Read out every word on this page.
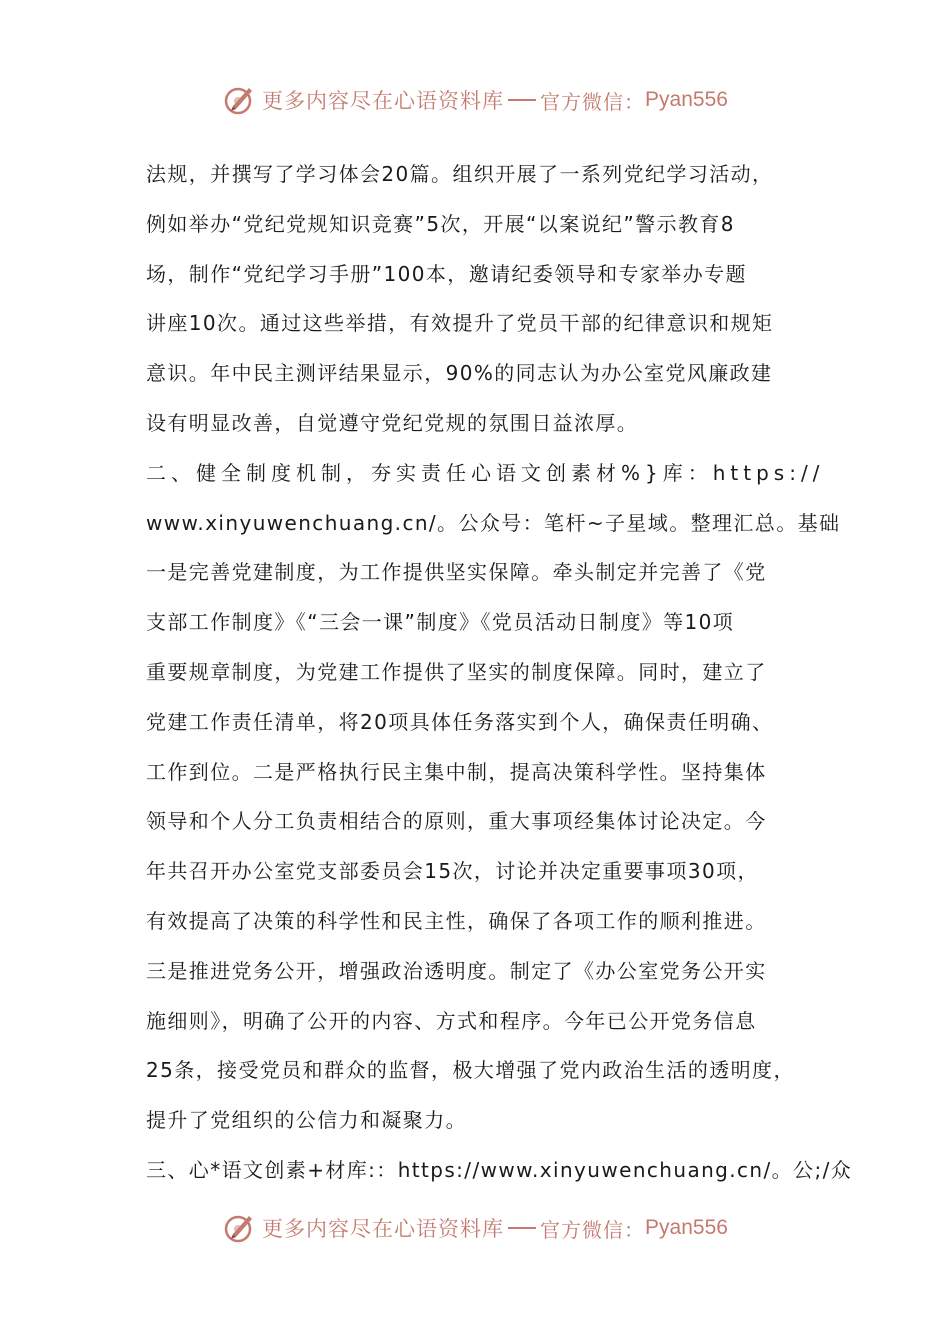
更多内容尽在心语资料库 官方微信： Pyan556
法规，并撰写了学习体会20篇。组织开展了一系列党纪学习活动，
例如举办“党纪党规知识竞赛”5次，开展“以案说纪”警示教育8
场，制作“党纪学习手册”100本，邀请纪委领导和专家举办专题
讲座10次。通过这些举措，有效提升了党员干部的纪律意识和规矩
意识。年中民主测评结果显示，90%的同志认为办公室党风廉政建
设有明显改善，自觉遵守党纪党规的氛围日益浓厚。
二、健全制度机制，夯实责任心语文创素材%}库：https://
www.xinyuwenchuang.cn/。公众号：笔杆~子星域。整理汇总。基础
一是完善党建制度，为工作提供坚实保障。牵头制定并完善了《党
支部工作制度》《“三会一课”制度》《党员活动日制度》等10项
重要规章制度，为党建工作提供了坚实的制度保障。同时，建立了
党建工作责任清单，将20项具体任务落实到个人，确保责任明确、
工作到位。二是严格执行民主集中制，提高决策科学性。坚持集体
领导和个人分工负责相结合的原则，重大事项经集体讨论决定。今
年共召开办公室党支部委员会15次，讨论并决定重要事项30项，
有效提高了决策的科学性和民主性，确保了各项工作的顺利推进。
三是推进党务公开，增强政治透明度。制定了《办公室党务公开实
施细则》，明确了公开的内容、方式和程序。今年已公开党务信息
25条，接受党员和群众的监督，极大增强了党内政治生活的透明度，
提升了党组织的公信力和凝聚力。
三、心*语文创素+材库:：https://www.xinyuwenchuang.cn/。公;/众
更多内容尽在心语资料库 官方微信： Pyan556
